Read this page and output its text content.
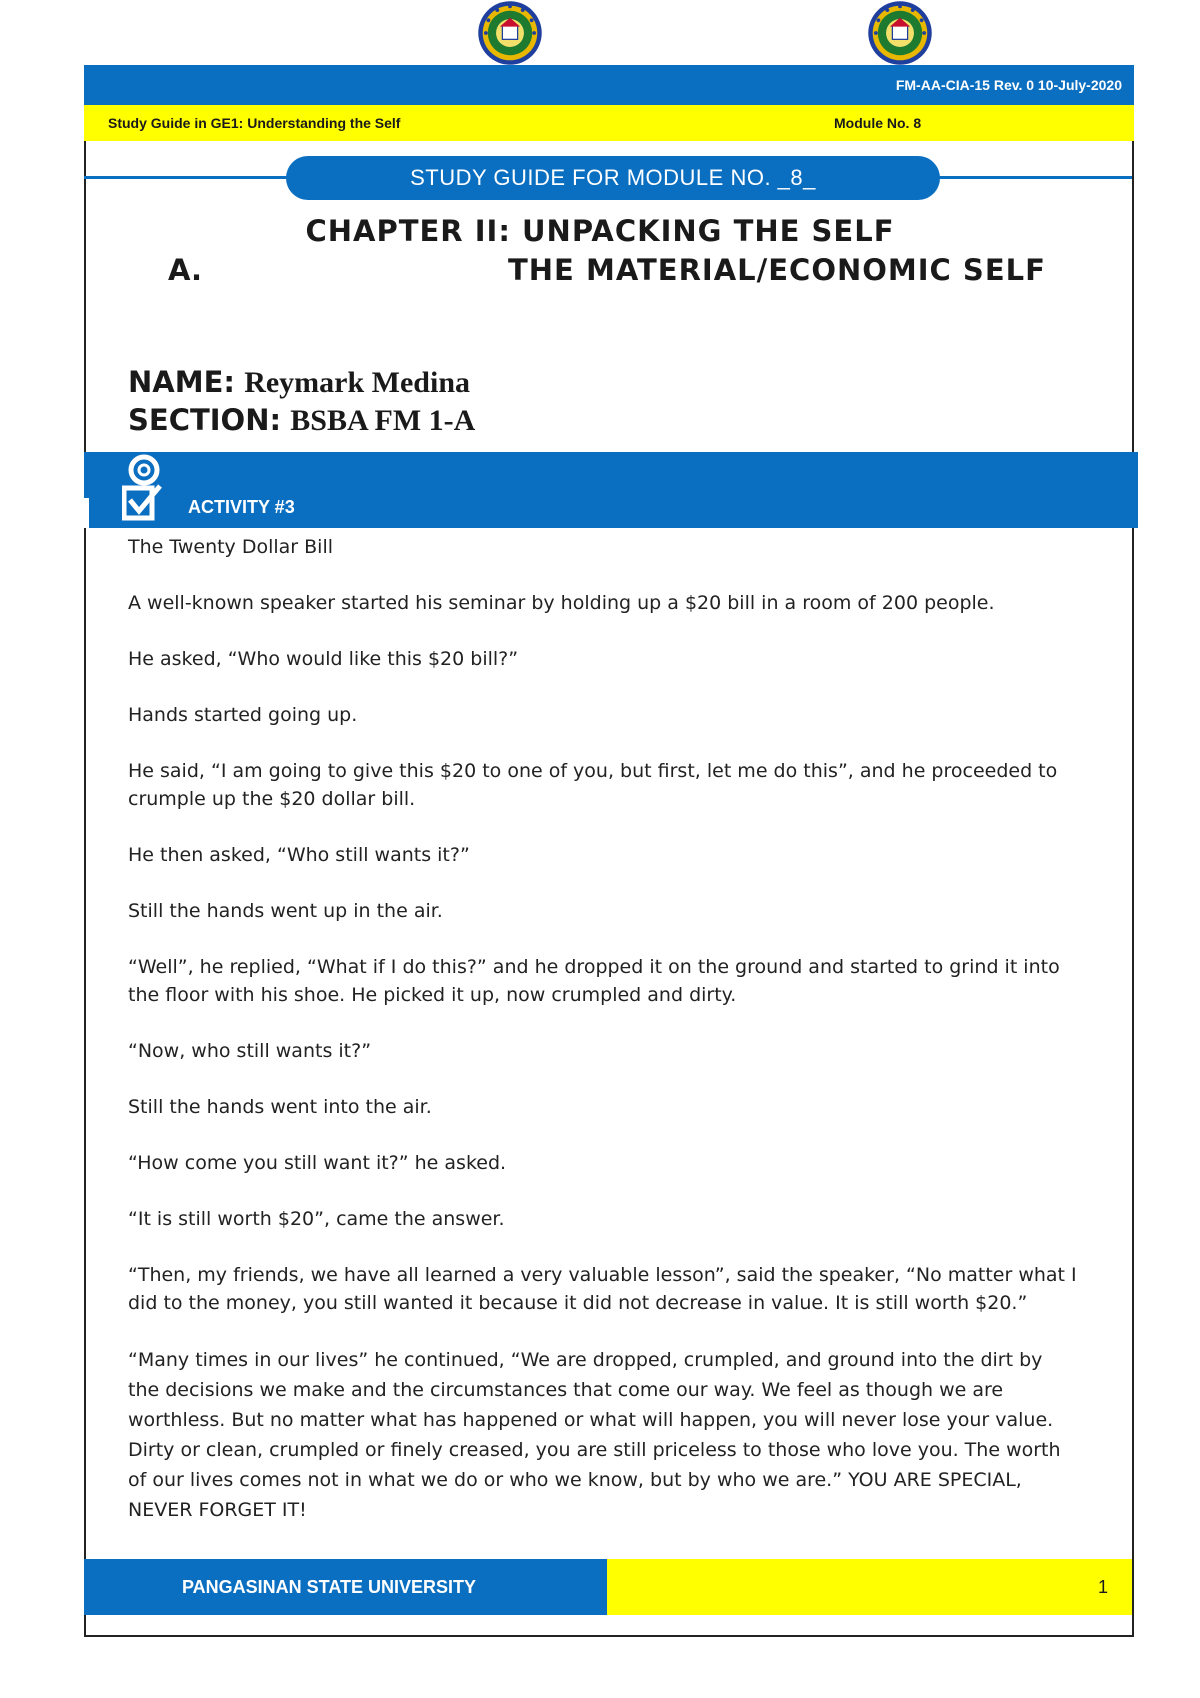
FM-AA-CIA-15 Rev. 0 10-July-2020
Study Guide in GE1: Understanding the Self	Module No. 8
STUDY GUIDE FOR MODULE NO. _8_
CHAPTER II: UNPACKING THE SELF
A.	THE MATERIAL/ECONOMIC SELF
NAME: Reymark Medina
SECTION: BSBA FM 1-A
ACTIVITY #3

The Twenty Dollar Bill

A well-known speaker started his seminar by holding up a $20 bill in a room of 200 people.

He asked, “Who would like this $20 bill?”

Hands started going up.

He said, “I am going to give this $20 to one of you, but first, let me do this”, and he proceeded to crumple up the $20 dollar bill.

He then asked, “Who still wants it?”

Still the hands went up in the air.

“Well”, he replied, “What if I do this?” and he dropped it on the ground and started to grind it into the floor with his shoe. He picked it up, now crumpled and dirty.

“Now, who still wants it?”

Still the hands went into the air.

“How come you still want it?” he asked.

“It is still worth $20”, came the answer.

“Then, my friends, we have all learned a very valuable lesson”, said the speaker, “No matter what I did to the money, you still wanted it because it did not decrease in value. It is still worth $20.”

“Many times in our lives” he continued, “We are dropped, crumpled, and ground into the dirt by the decisions we make and the circumstances that come our way. We feel as though we are worthless. But no matter what has happened or what will happen, you will never lose your value. Dirty or clean, crumpled or finely creased, you are still priceless to those who love you. The worth of our lives comes not in what we do or who we know, but by who we are.” YOU ARE SPECIAL, NEVER FORGET IT!

PANGASINAN STATE UNIVERSITY	1
